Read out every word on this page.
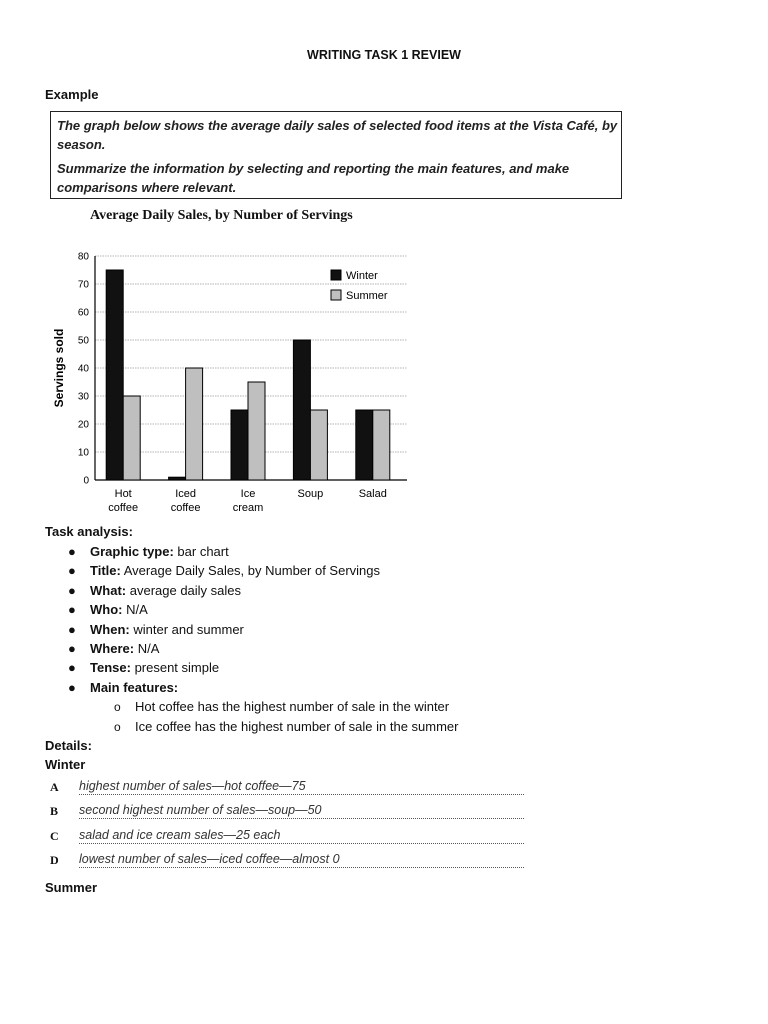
WRITING TASK 1 REVIEW
Example

The graph below shows the average daily sales of selected food items at the Vista Café, by season.

Summarize the information by selecting and reporting the main features, and make comparisons where relevant.

Average Daily Sales, by Number of Servings
0
10
20
30
40
50
60
70
80
Servings sold
Hot
coffee
Iced
coffee
Ice
cream
Soup	Salad
Winter
Summer
Task analysis:
● Graphic type: bar chart
● Title: Average Daily Sales, by Number of Servings
● What: average daily sales
● Who: N/A
● When: winter and summer
● Where: N/A
● Tense: present simple
● Main features:
o Hot coffee has the highest number of sale in the winter
o Ice coffee has the highest number of sale in the summer
Details:
Winter
A highest number of sales—hot coffee—75
B second highest number of sales—soup—50
C salad and ice cream sales—25 each
D lowest number of sales—iced coffee—almost 0
Summer
